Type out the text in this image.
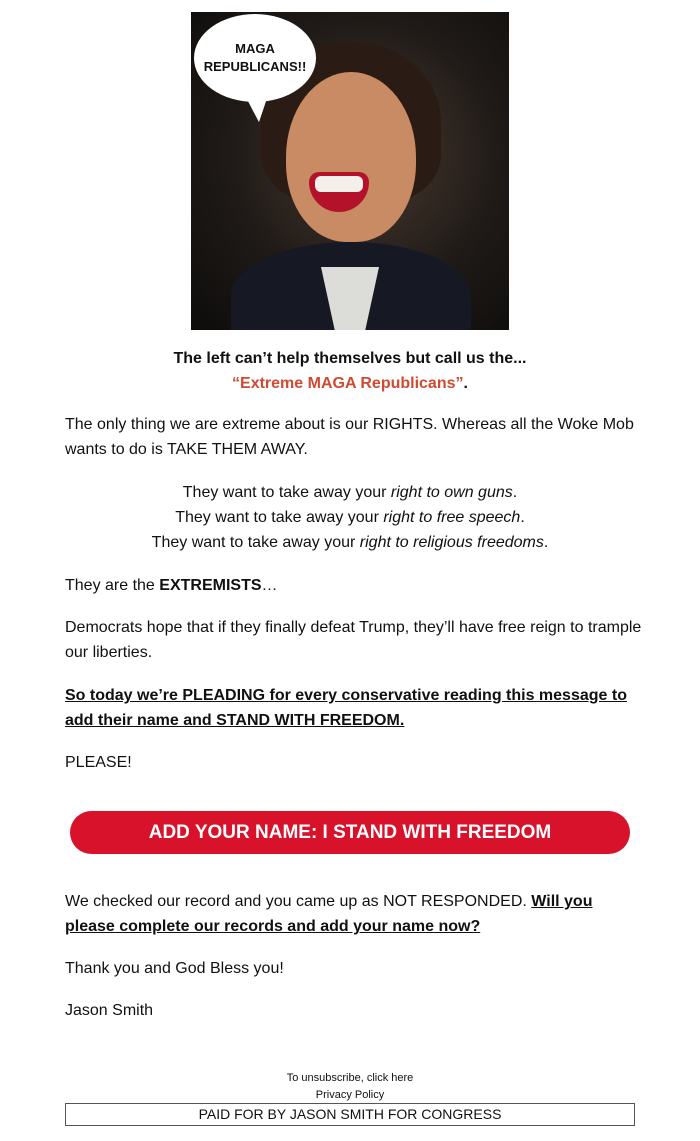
MAGA
REPUBLICANS!!
The left can’t help themselves but call us the...
“Extreme MAGA Republicans”.
The only thing we are extreme about is our RIGHTS. Whereas all the Woke Mob wants to do is TAKE THEM AWAY.
They want to take away your right to own guns.
They want to take away your right to free speech.
They want to take away your right to religious freedoms.
They are the EXTREMISTS…
Democrats hope that if they finally defeat Trump, they’ll have free reign to trample our liberties.
So today we’re PLEADING for every conservative reading this message to add their name and STAND WITH FREEDOM.
PLEASE!
ADD YOUR NAME: I STAND WITH FREEDOM
We checked our record and you came up as NOT RESPONDED. Will you please complete our records and add your name now?
Thank you and God Bless you!
Jason Smith
To unsubscribe, click here
Privacy Policy
PAID FOR BY JASON SMITH FOR CONGRESS
